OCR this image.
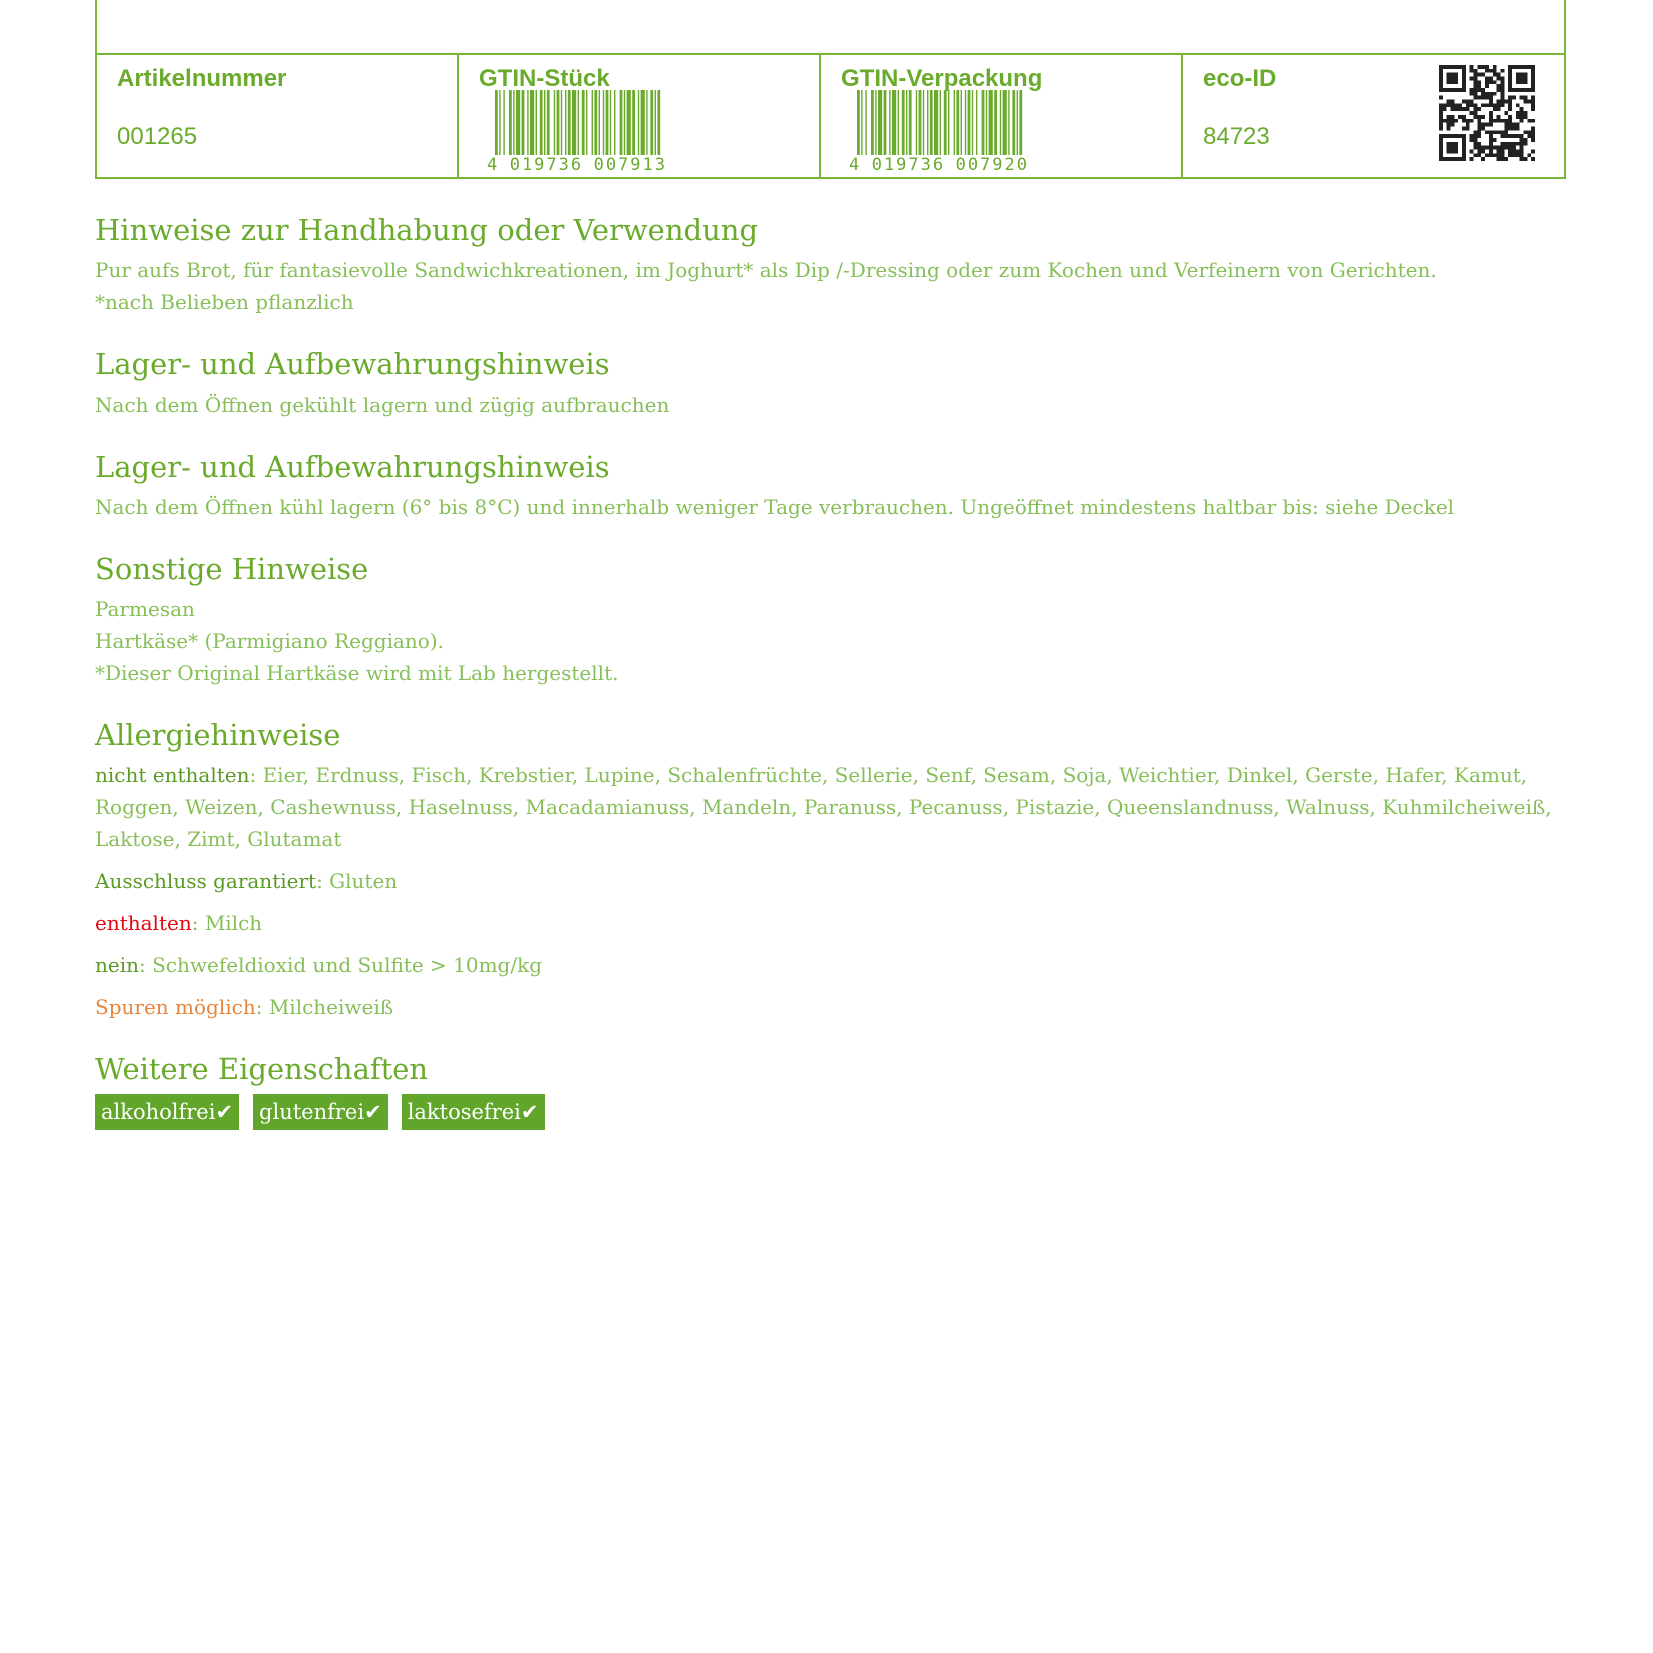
Artikelnummer
001265
GTIN-Stück
4 019736 007913
GTIN-Verpackung
4 019736 007920
eco-ID
84723
Hinweise zur Handhabung oder Verwendung

Pur aufs Brot, für fantasievolle Sandwichkreationen, im Joghurt* als Dip /-Dressing oder zum Kochen und Verfeinern von Gerichten.

*nach Belieben pflanzlich

Lager- und Aufbewahrungshinweis

Nach dem Öffnen gekühlt lagern und zügig aufbrauchen

Lager- und Aufbewahrungshinweis

Nach dem Öffnen kühl lagern (6° bis 8°C) und innerhalb weniger Tage verbrauchen. Ungeöffnet mindestens haltbar bis: siehe Deckel

Sonstige Hinweise

Parmesan

Hartkäse* (Parmigiano Reggiano).

*Dieser Original Hartkäse wird mit Lab hergestellt.

Allergiehinweise
nicht enthalten: Eier, Erdnuss, Fisch, Krebstier, Lupine, Schalenfrüchte, Sellerie, Senf, Sesam, Soja, Weichtier, Dinkel, Gerste, Hafer, Kamut, Roggen, Weizen, Cashewnuss, Haselnuss, Macadamianuss, Mandeln, Paranuss, Pecanuss, Pistazie, Queenslandnuss, Walnuss, Kuhmilcheiweiß, Laktose, Zimt, Glutamat
Ausschluss garantiert: Gluten
enthalten: Milch
nein: Schwefeldioxid und Sulfite > 10mg/kg
Spuren möglich: Milcheiweiß
Weitere Eigenschaften
alkoholfrei✔ glutenfrei✔ laktosefrei✔
